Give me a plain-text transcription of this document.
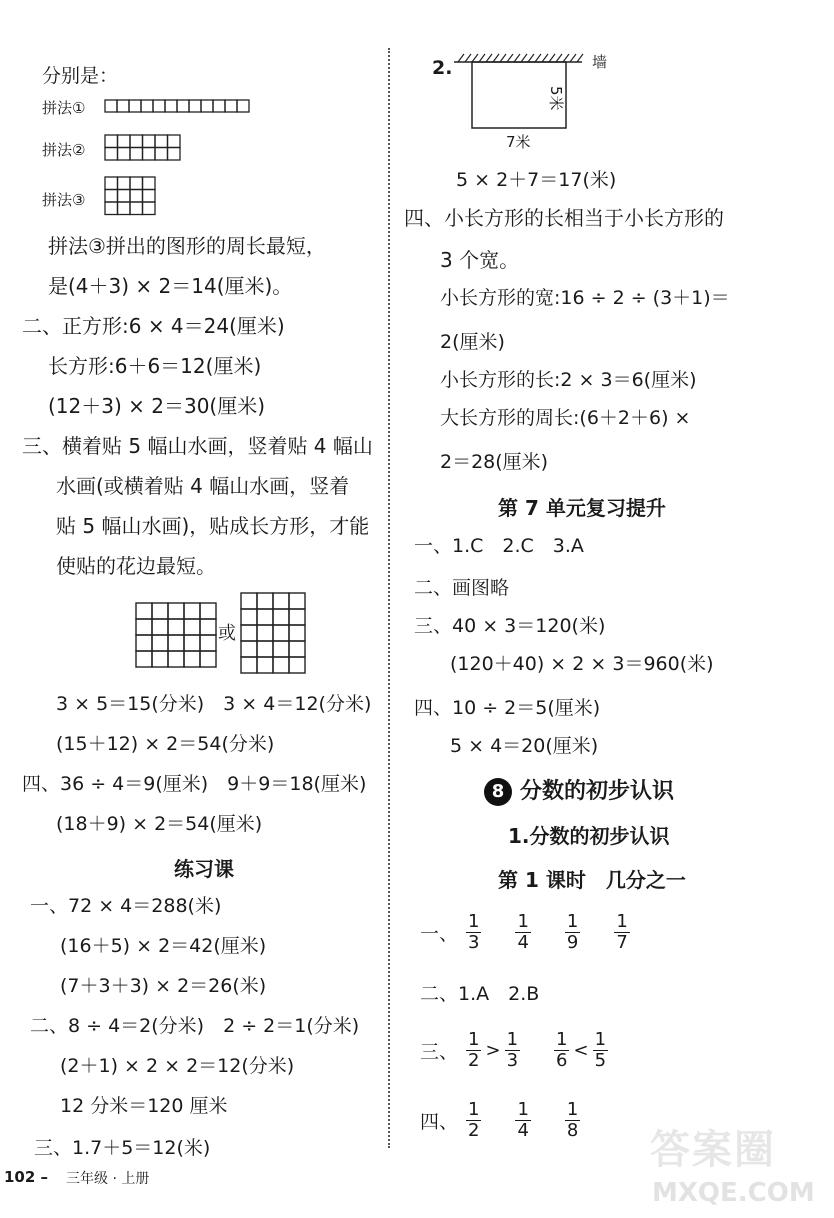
分别是：
拼法①
拼法②
拼法③
拼法③拼出的图形的周长最短，
是(4＋3) × 2＝14(厘米)。
二、正方形:6 × 4＝24(厘米)
长方形:6＋6＝12(厘米)
(12＋3) × 2＝30(厘米)
三、横着贴 5 幅山水画，竖着贴 4 幅山
水画(或横着贴 4 幅山水画，竖着
贴 5 幅山水画)，贴成长方形，才能
使贴的花边最短。
或
3 × 5＝15(分米)　3 × 4＝12(分米)
(15＋12) × 2＝54(分米)
四、36 ÷ 4＝9(厘米)　9＋9＝18(厘米)
(18＋9) × 2＝54(厘米)
练习课
一、72 × 4＝288(米)
(16＋5) × 2＝42(厘米)
(7＋3＋3) × 2＝26(米)
二、8 ÷ 4＝2(分米)　2 ÷ 2＝1(分米)
(2＋1) × 2 × 2＝12(分米)
12 分米＝120 厘米
三、1.7＋5＝12(米)
2.	墙
5米
7米
5 × 2＋7＝17(米)
四、小长方形的长相当于小长方形的
3 个宽。
小长方形的宽:16 ÷ 2 ÷ (3＋1)＝
2(厘米)
小长方形的长:2 × 3＝6(厘米)
大长方形的周长:(6＋2＋6) ×
2＝28(厘米)
第 7 单元复习提升
一、1.C　2.C　3.A
二、画图略
三、40 × 3＝120(米)
(120＋40) × 2 × 3＝960(米)
四、10 ÷ 2＝5(厘米)
5 × 4＝20(厘米)
8 分数的初步认识
1.分数的初步认识
第 1 课时　几分之一
一、 $\frac{1}{3} \frac{1}{4} \frac{1}{9} \frac{1}{7}$
二、1.A　2.B
三、 $\frac{1}{2} > \frac{1}{3} \frac{1}{6} < \frac{1}{5}$
四、 $\frac{1}{2} \frac{1}{4} \frac{1}{8}$
答案圈
MXQE.COM
102 – 三年级 · 上册
